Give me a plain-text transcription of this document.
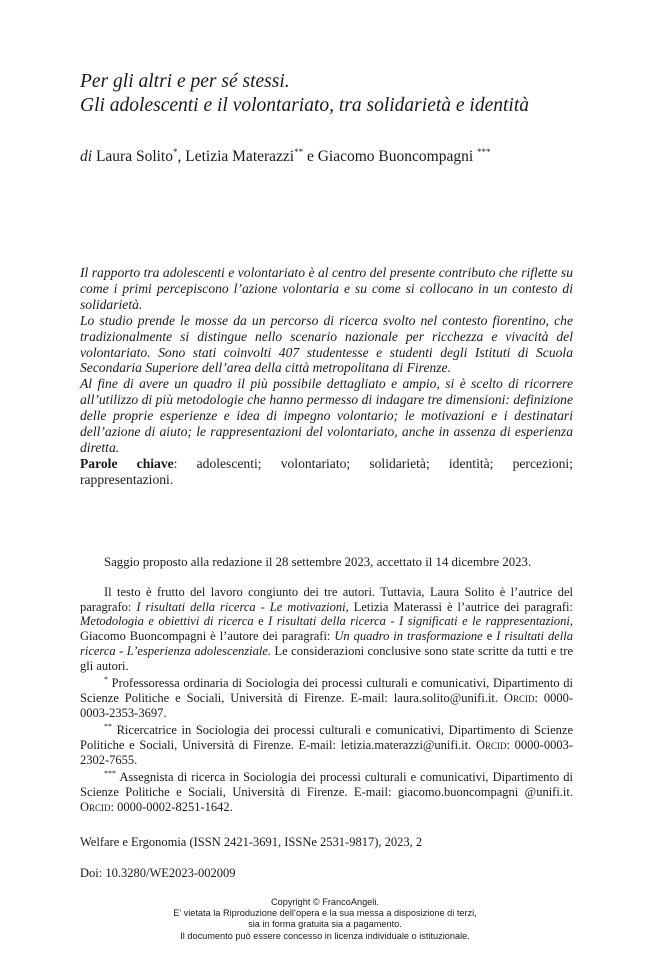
Per gli altri e per sé stessi.
Gli adolescenti e il volontariato, tra solidarietà e identità
di Laura Solito*, Letizia Materazzi** e Giacomo Buoncompagni ***

Il rapporto tra adolescenti e volontariato è al centro del presente contributo che riflette su come i primi percepiscono l’azione volontaria e su come si collocano in un contesto di solidarietà.

Lo studio prende le mosse da un percorso di ricerca svolto nel contesto fiorentino, che tradizionalmente si distingue nello scenario nazionale per ricchezza e vivacità del volontariato. Sono stati coinvolti 407 studentesse e studenti degli Istituti di Scuola Secondaria Superiore dell’area della città metropolitana di Firenze.

Al fine di avere un quadro il più possibile dettagliato e ampio, si è scelto di ricorrere all’utilizzo di più metodologie che hanno permesso di indagare tre dimensioni: definizione delle proprie esperienze e idea di impegno volontario; le motivazioni e i destinatari dell’azione di aiuto; le rappresentazioni del volontariato, anche in assenza di esperienza diretta.

Parole chiave: adolescenti; volontariato; solidarietà; identità; percezioni; rappresentazioni.

Saggio proposto alla redazione il 28 settembre 2023, accettato il 14 dicembre 2023.

Il testo è frutto del lavoro congiunto dei tre autori. Tuttavia, Laura Solito è l’autrice del paragrafo: I risultati della ricerca - Le motivazioni, Letizia Materassi è l’autrice dei paragrafi: Metodologia e obiettivi di ricerca e I risultati della ricerca - I significati e le rappresentazioni, Giacomo Buoncompagni è l’autore dei paragrafi: Un quadro in trasformazione e I risultati della ricerca - L’esperienza adolescenziale. Le considerazioni conclusive sono state scritte da tutti e tre gli autori.

* Professoressa ordinaria di Sociologia dei processi culturali e comunicativi, Dipartimento di Scienze Politiche e Sociali, Università di Firenze. E-mail: laura.solito@unifi.it. Orcid: 0000-0003-2353-3697.

** Ricercatrice in Sociologia dei processi culturali e comunicativi, Dipartimento di Scienze Politiche e Sociali, Università di Firenze. E-mail: letizia.materazzi@unifi.it. Orcid: 0000-0003-2302-7655.

*** Assegnista di ricerca in Sociologia dei processi culturali e comunicativi, Dipartimento di Scienze Politiche e Sociali, Università di Firenze. E-mail: giacomo.buoncompagni @unifi.it. Orcid: 0000-0002-8251-1642.

Welfare e Ergonomia (ISSN 2421-3691, ISSNe 2531-9817), 2023, 2
Doi: 10.3280/WE2023-002009
Copyright © FrancoAngeli.
E’ vietata la Riproduzione dell’opera e la sua messa a disposizione di terzi,
sia in forma gratuita sia a pagamento.
Il documento può essere concesso in licenza individuale o istituzionale.
